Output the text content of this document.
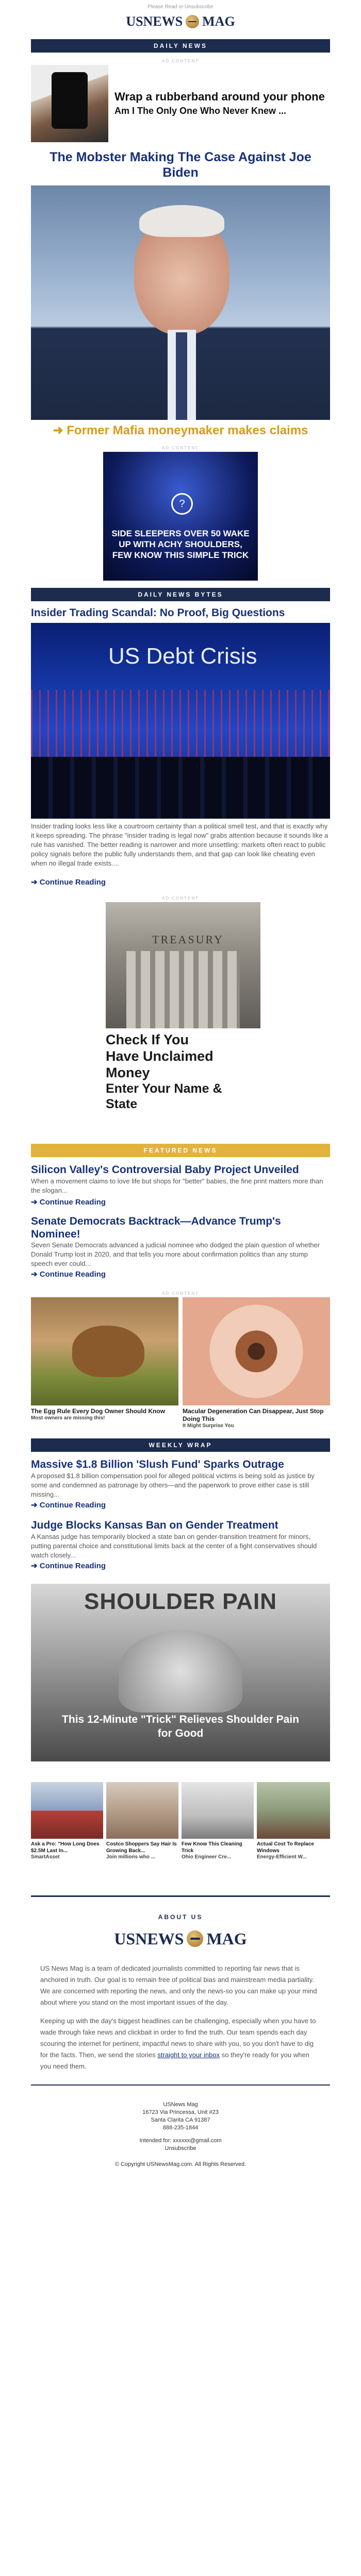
Please Read or Unsubscribe
USNEWS MAG
DAILY NEWS
AD CONTENT
Wrap a rubberband around your phone
Am I The Only One Who Never Knew ...
The Mobster Making The Case Against Joe Biden
➜ Former Mafia moneymaker makes claims
AD CONTENT
?
SIDE SLEEPERS OVER 50 WAKE UP WITH ACHY SHOULDERS, FEW KNOW THIS SIMPLE TRICK
DAILY NEWS BYTES
Insider Trading Scandal: No Proof, Big Questions
US Debt Crisis
Insider trading looks less like a courtroom certainty than a political smell test, and that is exactly why it keeps spreading. The phrase "insider trading is legal now" grabs attention because it sounds like a rule has vanished. The better reading is narrower and more unsettling: markets often react to public policy signals before the public fully understands them, and that gap can look like cheating even when no illegal trade exists....
➔ Continue Reading
AD CONTENT
TREASURY
Check If You
Have Unclaimed
Money
Enter Your Name &
State
FEATURED NEWS
Silicon Valley's Controversial Baby Project Unveiled
When a movement claims to love life but shops for "better" babies, the fine print matters more than the slogan...
➔ Continue Reading
Senate Democrats Backtrack—Advance Trump's Nominee!
Seven Senate Democrats advanced a judicial nominee who dodged the plain question of whether Donald Trump lost in 2020, and that tells you more about confirmation politics than any stump speech ever could...
➔ Continue Reading
AD CONTENT
The Egg Rule Every Dog Owner Should Know
Most owners are missing this!
Macular Degeneration Can Disappear, Just Stop Doing This
It Might Surprise You
WEEKLY WRAP
Massive $1.8 Billion 'Slush Fund' Sparks Outrage
A proposed $1.8 billion compensation pool for alleged political victims is being sold as justice by some and condemned as patronage by others—and the paperwork to prove either case is still missing...
➔ Continue Reading
Judge Blocks Kansas Ban on Gender Treatment
A Kansas judge has temporarily blocked a state ban on gender-transition treatment for minors, putting parental choice and constitutional limits back at the center of a fight conservatives should watch closely...
➔ Continue Reading
SHOULDER PAIN
This 12-Minute "Trick" Relieves Shoulder Pain for Good
Ask a Pro: "How Long Does $2.5M Last In...
SmartAsset
Costco Shoppers Say Hair Is Growing Back...
Join millions who ...
Few Know This Cleaning Trick
Ohio Engineer Cre...
Actual Cost To Replace Windows
Energy-Efficient W...
ABOUT US
USNEWS MAG
US News Mag is a team of dedicated journalists committed to reporting fair news that is anchored in truth. Our goal is to remain free of political bias and mainstream media partiality. We are concerned with reporting the news, and only the news-so you can make up your mind about where you stand on the most important issues of the day.
Keeping up with the day's biggest headlines can be challenging, especially when you have to wade through fake news and clickbait in order to find the truth. Our team spends each day scouring the internet for pertinent, impactful news to share with you, so you don't have to dig for the facts. Then, we send the stories straight to your inbox so they're ready for you when you need them.
USNews Mag
16723 Via Princessa, Unit #23
Santa Clarita CA 91387
888-235-1844
Intended for: xxxxxx@gmail.com
Unsubscribe
© Copyright USNewsMag.com. All Rights Reserved.
